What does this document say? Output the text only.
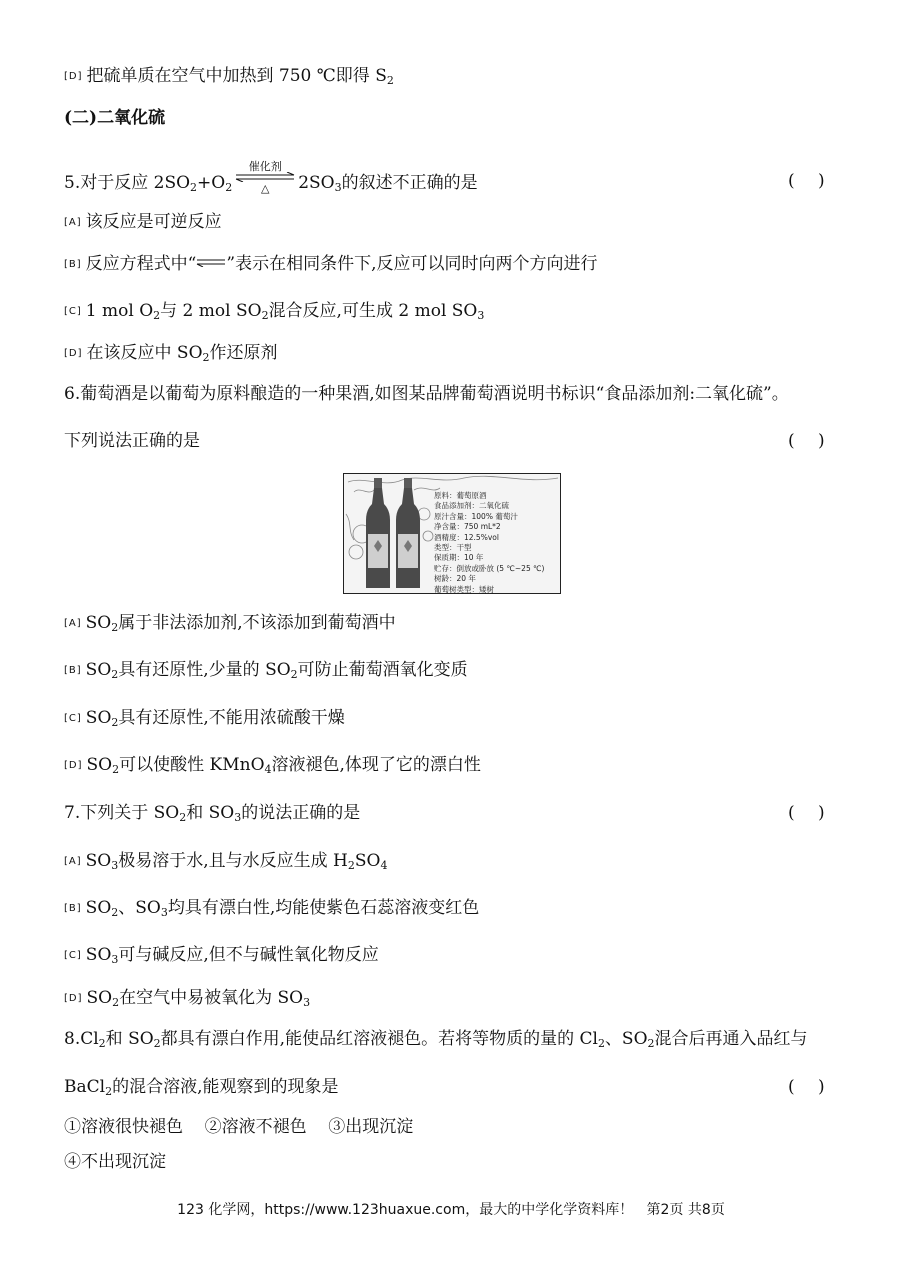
[D] 把硫单质在空气中加热到 750 ℃即得 $S_2$
(二)二氧化硫
5.对于反应 $2SO_2+O_2$
催化剂
△	$2SO_3$的叙述不正确的是	( )
[A] 该反应是可逆反应
[B] 反应方程式中“ ”表示在相同条件下,反应可以同时向两个方向进行
[C] 1 mol $O_2$与 2 mol $SO_2$混合反应,可生成 2 mol $SO_3$
[D] 在该反应中 $SO_2$作还原剂
6.葡萄酒是以葡萄为原料酿造的一种果酒,如图某品牌葡萄酒说明书标识“食品添加剂:二氧化硫”。
下列说法正确的是	( )
原料：葡萄原酒
食品添加剂：二氧化硫
原汁含量：100% 葡萄汁
净含量：750 mL*2
酒精度：12.5%vol
类型：干型
保质期：10 年
贮存：倒放或卧放 (5 ℃~25 ℃)
树龄：20 年
葡萄树类型：矮树
[A] $SO_2$属于非法添加剂,不该添加到葡萄酒中
[B] $SO_2$具有还原性,少量的 $SO_2$可防止葡萄酒氧化变质
[C] $SO_2$具有还原性,不能用浓硫酸干燥
[D] $SO_2$可以使酸性 KMnO$_4$溶液褪色,体现了它的漂白性
7.下列关于 $SO_2$和 $SO_3$的说法正确的是	( )
[A] $SO_3$极易溶于水,且与水反应生成 $H_2SO_4$
[B] $SO_2$、$SO_3$均具有漂白性,均能使紫色石蕊溶液变红色
[C] $SO_3$可与碱反应,但不与碱性氧化物反应
[D] $SO_2$在空气中易被氧化为 $SO_3$
$8.Cl_2$和 $SO_2$都具有漂白作用,能使品红溶液褪色。若将等物质的量的 $Cl_2$、$SO_2$混合后再通入品红与
BaCl$_2$的混合溶液,能观察到的现象是	( )
①溶液很快褪色    ②溶液不褪色    ③出现沉淀
④不出现沉淀
123 化学网，https://www.123huaxue.com，最大的中学化学资料库！   第2页 共8页
